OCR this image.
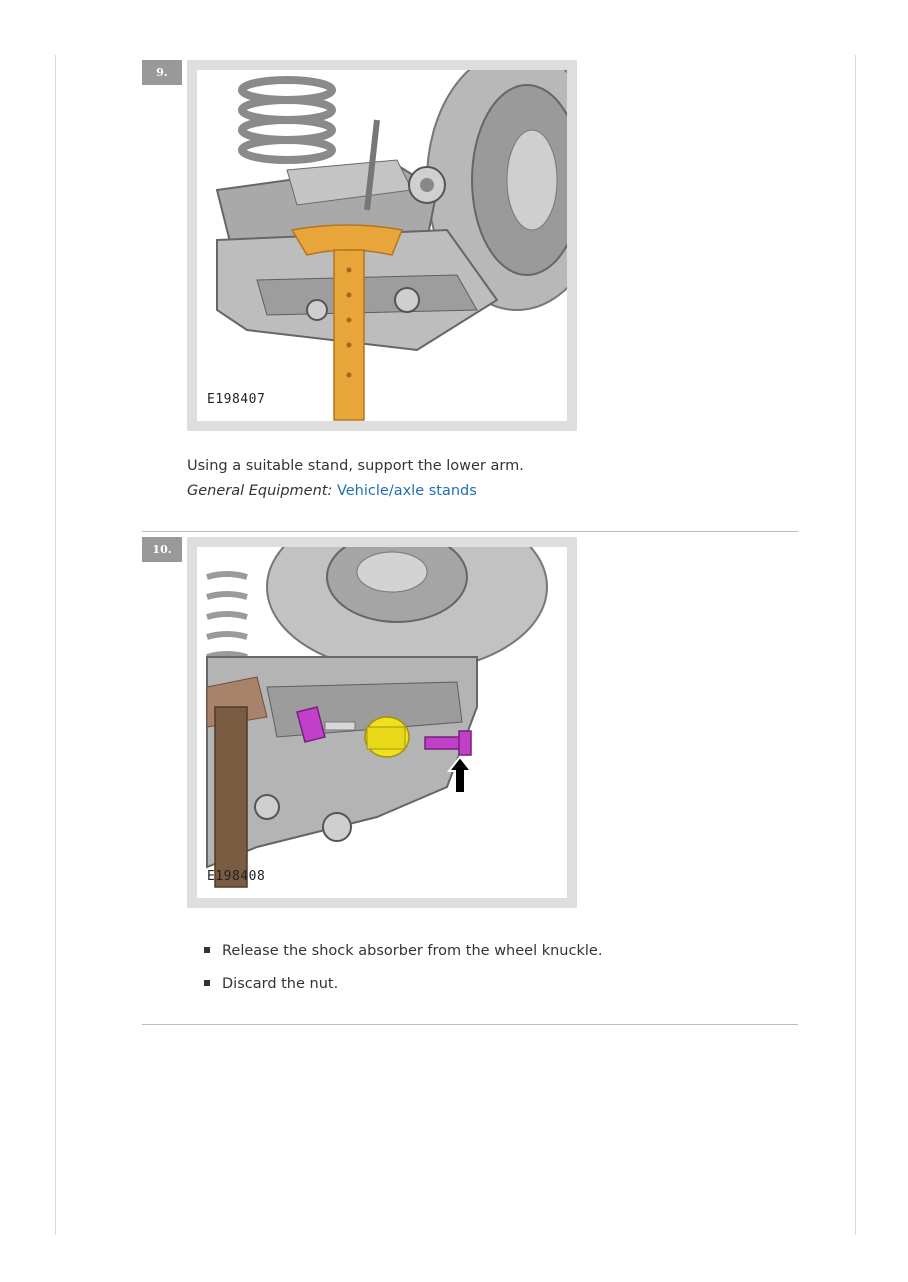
9.
E198407
Using a suitable stand, support the lower arm.
General Equipment: Vehicle/axle stands
10.
E198408
Release the shock absorber from the wheel knuckle.
Discard the nut.
